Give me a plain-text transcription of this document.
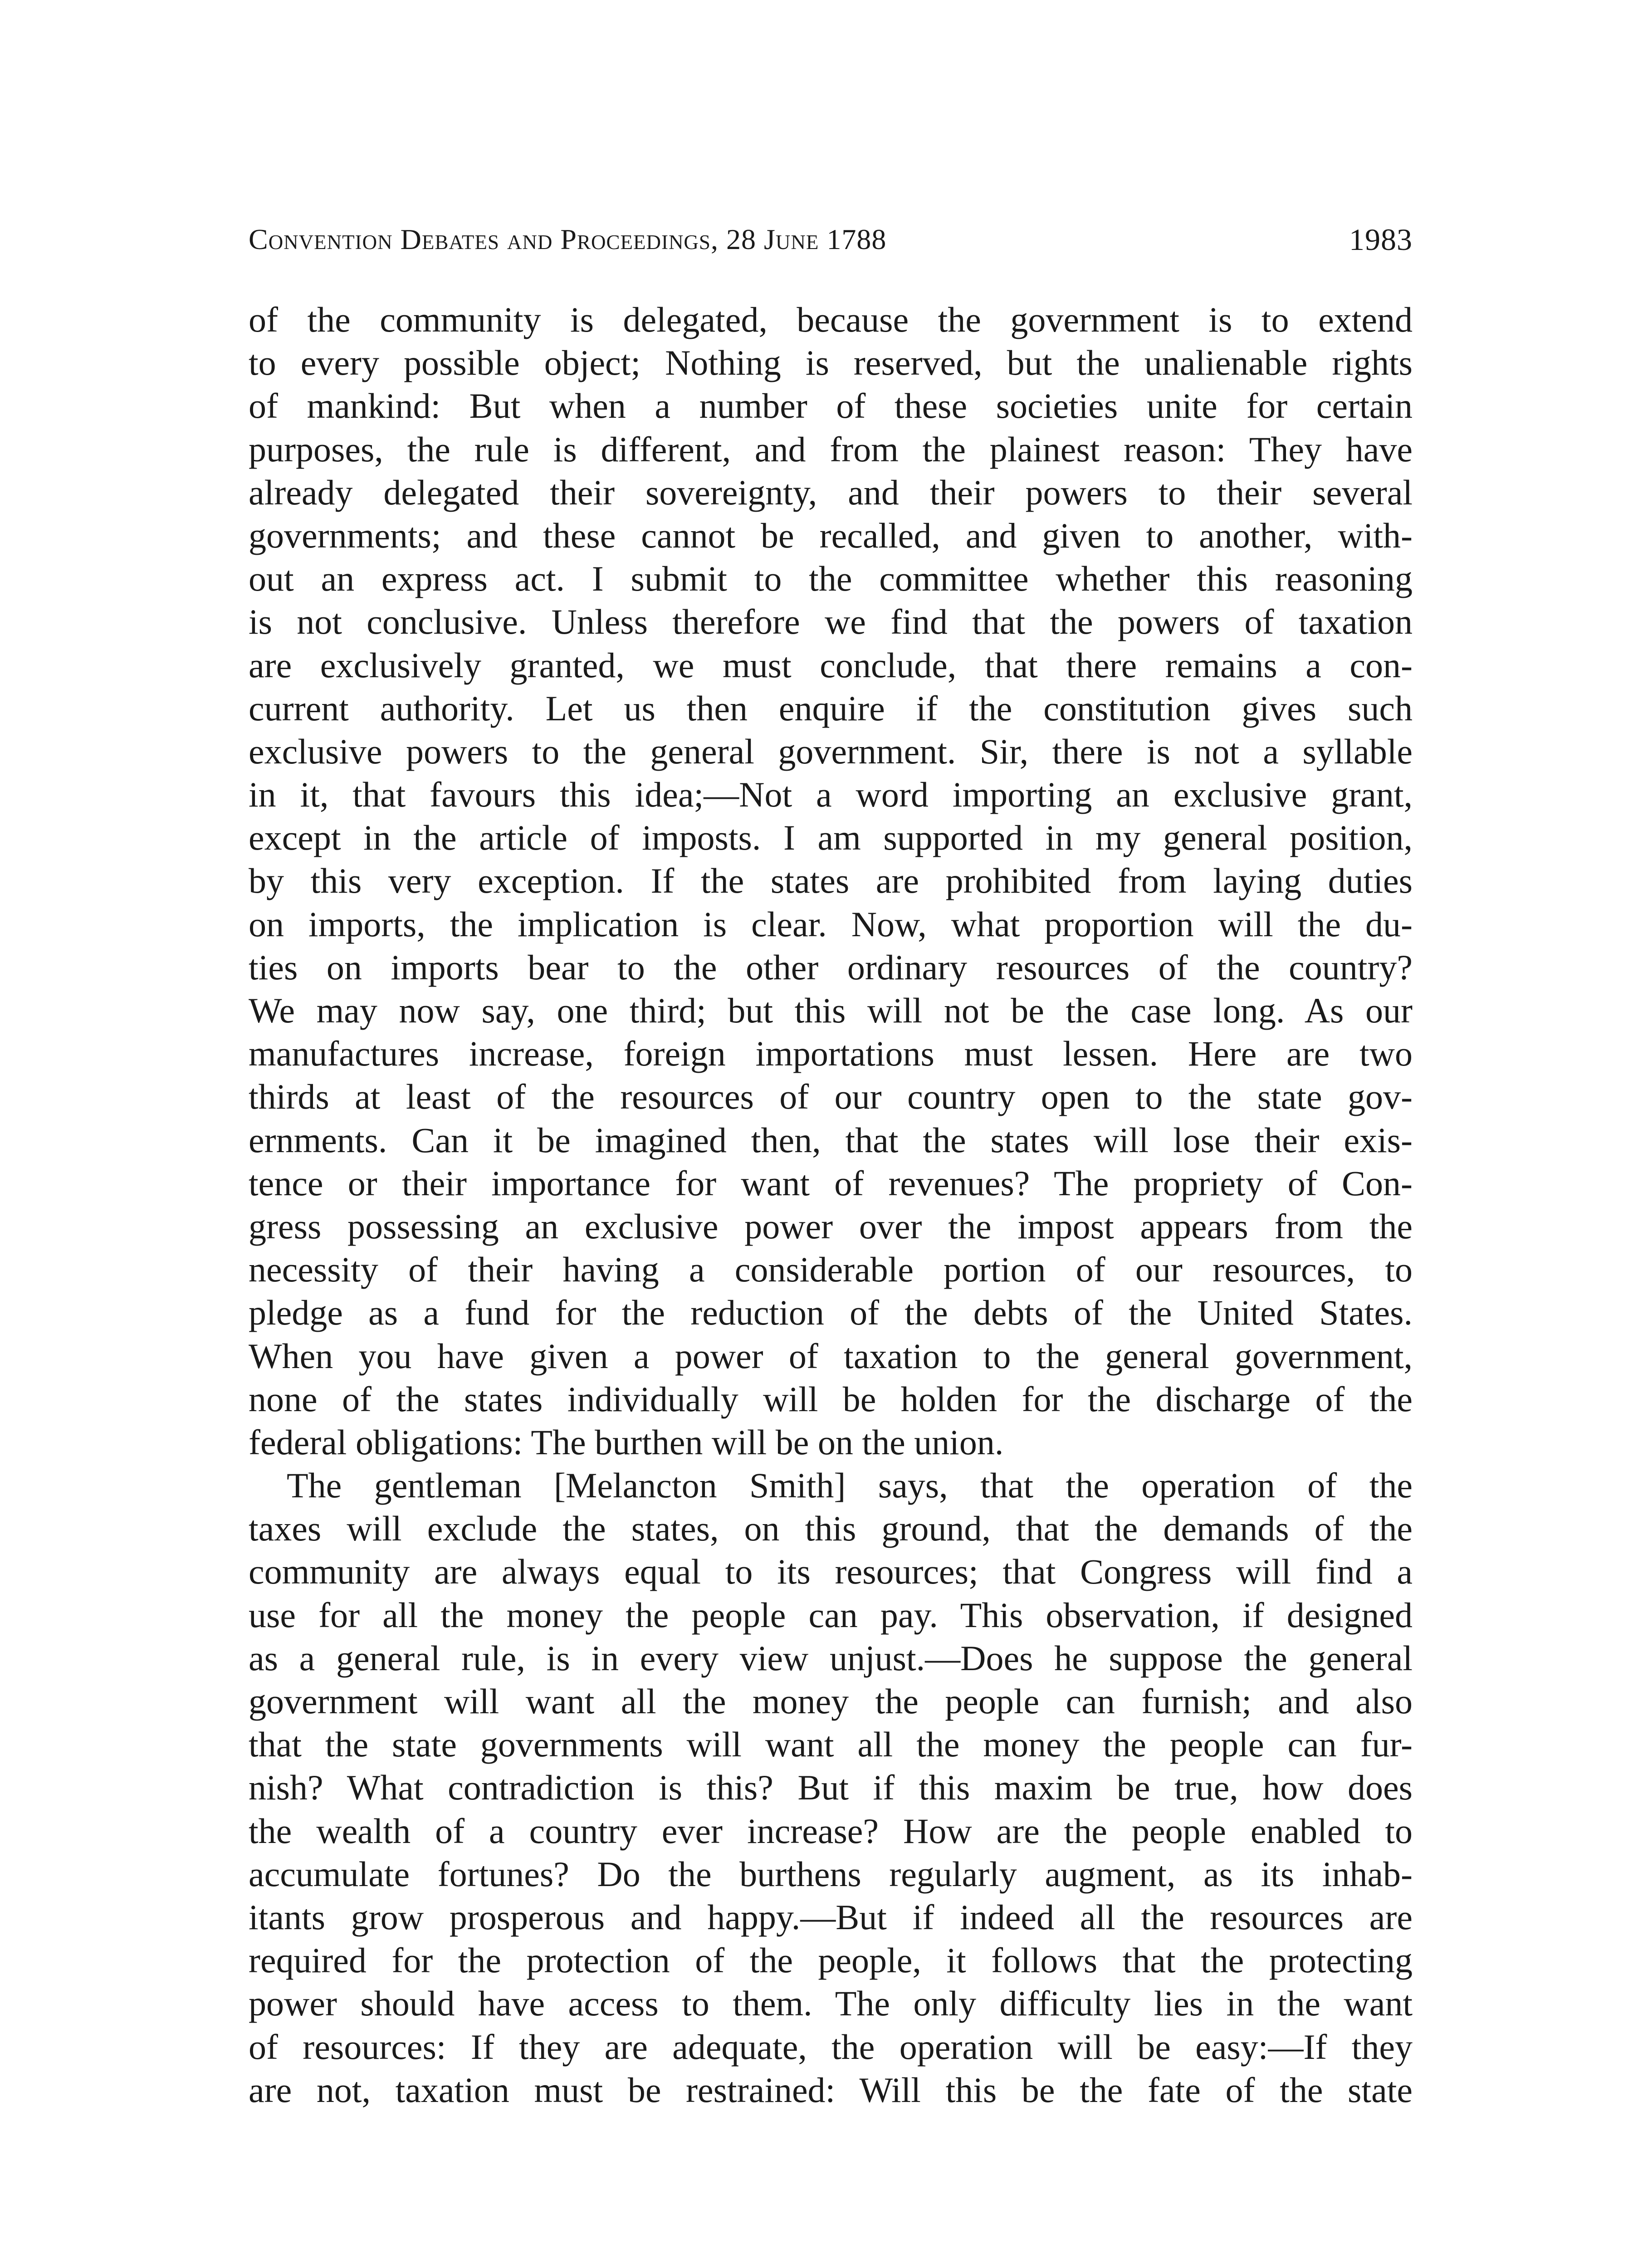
Convention Debates and Proceedings, 28 June 1788	1983
of the community is delegated, because the government is to extend
to every possible object; Nothing is reserved, but the unalienable rights
of mankind: But when a number of these societies unite for certain
purposes, the rule is different, and from the plainest reason: They have
already delegated their sovereignty, and their powers to their several
governments; and these cannot be recalled, and given to another, with-
out an express act. I submit to the committee whether this reasoning
is not conclusive. Unless therefore we find that the powers of taxation
are exclusively granted, we must conclude, that there remains a con-
current authority. Let us then enquire if the constitution gives such
exclusive powers to the general government. Sir, there is not a syllable
in it, that favours this idea;—Not a word importing an exclusive grant,
except in the article of imposts. I am supported in my general position,
by this very exception. If the states are prohibited from laying duties
on imports, the implication is clear. Now, what proportion will the du-
ties on imports bear to the other ordinary resources of the country?
We may now say, one third; but this will not be the case long. As our
manufactures increase, foreign importations must lessen. Here are two
thirds at least of the resources of our country open to the state gov-
ernments. Can it be imagined then, that the states will lose their exis-
tence or their importance for want of revenues? The propriety of Con-
gress possessing an exclusive power over the impost appears from the
necessity of their having a considerable portion of our resources, to
pledge as a fund for the reduction of the debts of the United States.
When you have given a power of taxation to the general government,
none of the states individually will be holden for the discharge of the
federal obligations: The burthen will be on the union.
The gentleman [Melancton Smith] says, that the operation of the
taxes will exclude the states, on this ground, that the demands of the
community are always equal to its resources; that Congress will find a
use for all the money the people can pay. This observation, if designed
as a general rule, is in every view unjust.—Does he suppose the general
government will want all the money the people can furnish; and also
that the state governments will want all the money the people can fur-
nish? What contradiction is this? But if this maxim be true, how does
the wealth of a country ever increase? How are the people enabled to
accumulate fortunes? Do the burthens regularly augment, as its inhab-
itants grow prosperous and happy.—But if indeed all the resources are
required for the protection of the people, it follows that the protecting
power should have access to them. The only difficulty lies in the want
of resources: If they are adequate, the operation will be easy:—If they
are not, taxation must be restrained: Will this be the fate of the state
